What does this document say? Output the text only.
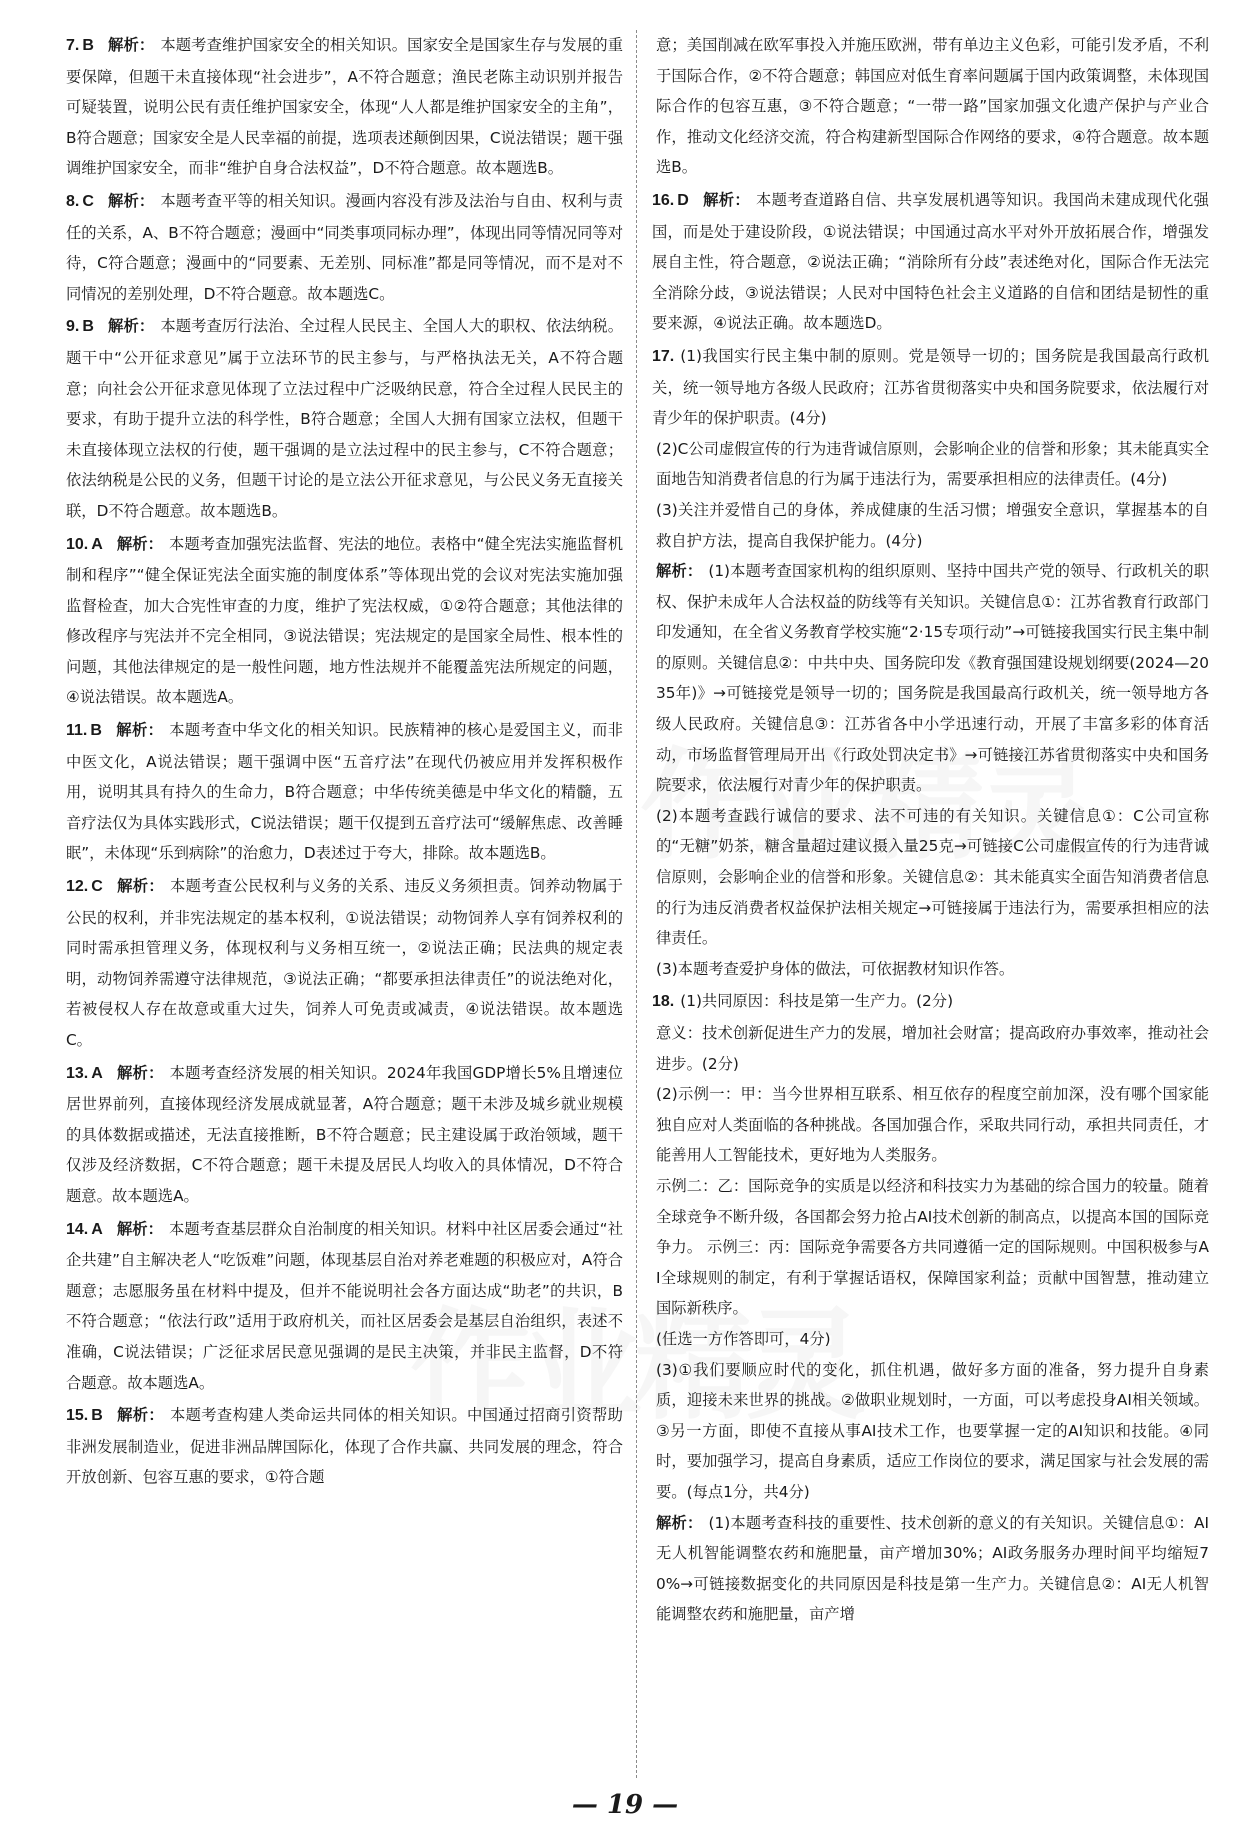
7. B 解析： 本题考查维护国家安全的相关知识。国家安全是国家生存与发展的重要保障，但题干未直接体现“社会进步”，A不符合题意；渔民老陈主动识别并报告可疑装置，说明公民有责任维护国家安全，体现“人人都是维护国家安全的主角”，B符合题意；国家安全是人民幸福的前提，选项表述颠倒因果，C说法错误；题干强调维护国家安全，而非“维护自身合法权益”，D不符合题意。故本题选B。

8. C 解析： 本题考查平等的相关知识。漫画内容没有涉及法治与自由、权利与责任的关系，A、B不符合题意；漫画中“同类事项同标办理”，体现出同等情况同等对待，C符合题意；漫画中的“同要素、无差别、同标准”都是同等情况，而不是对不同情况的差别处理，D不符合题意。故本题选C。

9. B 解析： 本题考查厉行法治、全过程人民民主、全国人大的职权、依法纳税。题干中“公开征求意见”属于立法环节的民主参与，与严格执法无关，A不符合题意；向社会公开征求意见体现了立法过程中广泛吸纳民意，符合全过程人民民主的要求，有助于提升立法的科学性，B符合题意；全国人大拥有国家立法权，但题干未直接体现立法权的行使，题干强调的是立法过程中的民主参与，C不符合题意；依法纳税是公民的义务，但题干讨论的是立法公开征求意见，与公民义务无直接关联，D不符合题意。故本题选B。

10. A 解析： 本题考查加强宪法监督、宪法的地位。表格中“健全宪法实施监督机制和程序”“健全保证宪法全面实施的制度体系”等体现出党的会议对宪法实施加强监督检查，加大合宪性审查的力度，维护了宪法权威，①②符合题意；其他法律的修改程序与宪法并不完全相同，③说法错误；宪法规定的是国家全局性、根本性的问题，其他法律规定的是一般性问题，地方性法规并不能覆盖宪法所规定的问题，④说法错误。故本题选A。

11. B 解析： 本题考查中华文化的相关知识。民族精神的核心是爱国主义，而非中医文化，A说法错误；题干强调中医“五音疗法”在现代仍被应用并发挥积极作用，说明其具有持久的生命力，B符合题意；中华传统美德是中华文化的精髓，五音疗法仅为具体实践形式，C说法错误；题干仅提到五音疗法可“缓解焦虑、改善睡眠”，未体现“乐到病除”的治愈力，D表述过于夸大，排除。故本题选B。

12. C 解析： 本题考查公民权利与义务的关系、违反义务须担责。饲养动物属于公民的权利，并非宪法规定的基本权利，①说法错误；动物饲养人享有饲养权利的同时需承担管理义务，体现权利与义务相互统一，②说法正确；民法典的规定表明，动物饲养需遵守法律规范，③说法正确；“都要承担法律责任”的说法绝对化，若被侵权人存在故意或重大过失，饲养人可免责或减责，④说法错误。故本题选C。

13. A 解析： 本题考查经济发展的相关知识。2024年我国GDP增长5%且增速位居世界前列，直接体现经济发展成就显著，A符合题意；题干未涉及城乡就业规模的具体数据或描述，无法直接推断，B不符合题意；民主建设属于政治领域，题干仅涉及经济数据，C不符合题意；题干未提及居民人均收入的具体情况，D不符合题意。故本题选A。

14. A 解析： 本题考查基层群众自治制度的相关知识。材料中社区居委会通过“社企共建”自主解决老人“吃饭难”问题，体现基层自治对养老难题的积极应对，A符合题意；志愿服务虽在材料中提及，但并不能说明社会各方面达成“助老”的共识，B不符合题意；“依法行政”适用于政府机关，而社区居委会是基层自治组织，表述不准确，C说法错误；广泛征求居民意见强调的是民主决策，并非民主监督，D不符合题意。故本题选A。

15. B 解析： 本题考查构建人类命运共同体的相关知识。中国通过招商引资帮助非洲发展制造业，促进非洲品牌国际化，体现了合作共赢、共同发展的理念，符合开放创新、包容互惠的要求，①符合题

意；美国削减在欧军事投入并施压欧洲，带有单边主义色彩，可能引发矛盾，不利于国际合作，②不符合题意；韩国应对低生育率问题属于国内政策调整，未体现国际合作的包容互惠，③不符合题意；“一带一路”国家加强文化遗产保护与产业合作，推动文化经济交流，符合构建新型国际合作网络的要求，④符合题意。故本题选B。

16. D 解析： 本题考查道路自信、共享发展机遇等知识。我国尚未建成现代化强国，而是处于建设阶段，①说法错误；中国通过高水平对外开放拓展合作，增强发展自主性，符合题意，②说法正确；“消除所有分歧”表述绝对化，国际合作无法完全消除分歧，③说法错误；人民对中国特色社会主义道路的自信和团结是韧性的重要来源，④说法正确。故本题选D。

17. (1)我国实行民主集中制的原则。党是领导一切的；国务院是我国最高行政机关，统一领导地方各级人民政府；江苏省贯彻落实中央和国务院要求，依法履行对青少年的保护职责。(4分)

(2)C公司虚假宣传的行为违背诚信原则，会影响企业的信誉和形象；其未能真实全面地告知消费者信息的行为属于违法行为，需要承担相应的法律责任。(4分)

(3)关注并爱惜自己的身体，养成健康的生活习惯；增强安全意识，掌握基本的自救自护方法，提高自我保护能力。(4分)

解析： (1)本题考查国家机构的组织原则、坚持中国共产党的领导、行政机关的职权、保护未成年人合法权益的防线等有关知识。关键信息①：江苏省教育行政部门印发通知，在全省义务教育学校实施“2·15专项行动”→可链接我国实行民主集中制的原则。关键信息②：中共中央、国务院印发《教育强国建设规划纲要(2024—2035年)》→可链接党是领导一切的；国务院是我国最高行政机关，统一领导地方各级人民政府。关键信息③：江苏省各中小学迅速行动，开展了丰富多彩的体育活动，市场监督管理局开出《行政处罚决定书》→可链接江苏省贯彻落实中央和国务院要求，依法履行对青少年的保护职责。

(2)本题考查践行诚信的要求、法不可违的有关知识。关键信息①：C公司宣称的“无糖”奶茶，糖含量超过建议摄入量25克→可链接C公司虚假宣传的行为违背诚信原则，会影响企业的信誉和形象。关键信息②：其未能真实全面告知消费者信息的行为违反消费者权益保护法相关规定→可链接属于违法行为，需要承担相应的法律责任。

(3)本题考查爱护身体的做法，可依据教材知识作答。

18. (1)共同原因：科技是第一生产力。(2分)

意义：技术创新促进生产力的发展，增加社会财富；提高政府办事效率，推动社会进步。(2分)

(2)示例一：甲：当今世界相互联系、相互依存的程度空前加深，没有哪个国家能独自应对人类面临的各种挑战。各国加强合作，采取共同行动，承担共同责任，才能善用人工智能技术，更好地为人类服务。

示例二：乙：国际竞争的实质是以经济和科技实力为基础的综合国力的较量。随着全球竞争不断升级，各国都会努力抢占AI技术创新的制高点，以提高本国的国际竞争力。 示例三：丙：国际竞争需要各方共同遵循一定的国际规则。中国积极参与AI全球规则的制定，有利于掌握话语权，保障国家利益；贡献中国智慧，推动建立国际新秩序。

(任选一方作答即可，4分)

(3)①我们要顺应时代的变化，抓住机遇，做好多方面的准备，努力提升自身素质，迎接未来世界的挑战。②做职业规划时，一方面，可以考虑投身AI相关领域。③另一方面，即使不直接从事AI技术工作，也要掌握一定的AI知识和技能。④同时，要加强学习，提高自身素质，适应工作岗位的要求，满足国家与社会发展的需要。(每点1分，共4分)

解析： (1)本题考查科技的重要性、技术创新的意义的有关知识。关键信息①：AI无人机智能调整农药和施肥量，亩产增加30%；AI政务服务办理时间平均缩短70%→可链接数据变化的共同原因是科技是第一生产力。关键信息②：AI无人机智能调整农药和施肥量，亩产增

— 19 —
